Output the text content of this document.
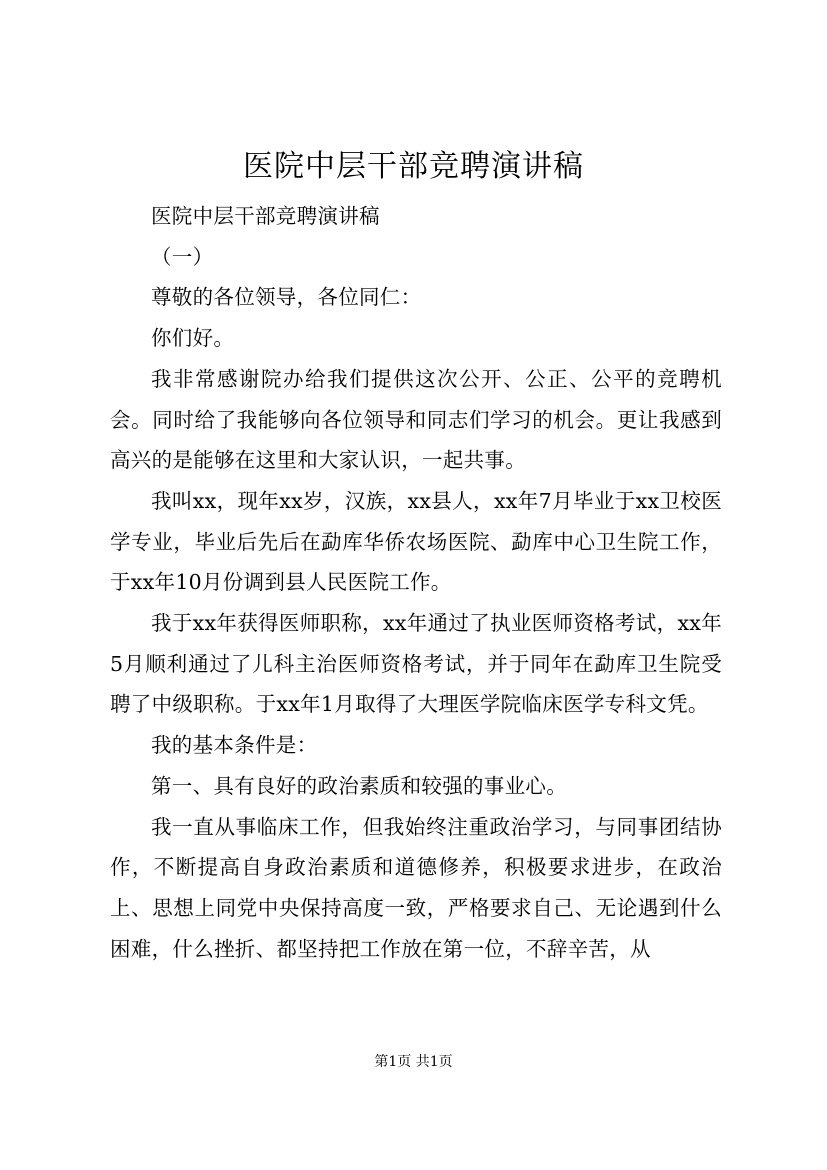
医院中层干部竞聘演讲稿

医院中层干部竞聘演讲稿

（一）

尊敬的各位领导，各位同仁：

你们好。

我非常感谢院办给我们提供这次公开、公正、公平的竞聘机会。同时给了我能够向各位领导和同志们学习的机会。更让我感到高兴的是能够在这里和大家认识，一起共事。

我叫xx，现年xx岁，汉族，xx县人，xx年7月毕业于xx卫校医学专业，毕业后先后在勐库华侨农场医院、勐库中心卫生院工作，于xx年10月份调到县人民医院工作。

我于xx年获得医师职称，xx年通过了执业医师资格考试，xx年5月顺利通过了儿科主治医师资格考试，并于同年在勐库卫生院受聘了中级职称。于xx年1月取得了大理医学院临床医学专科文凭。

我的基本条件是：

第一、具有良好的政治素质和较强的事业心。

我一直从事临床工作，但我始终注重政治学习，与同事团结协作，不断提高自身政治素质和道德修养，积极要求进步，在政治上、思想上同党中央保持高度一致，严格要求自己、无论遇到什么困难，什么挫折、都坚持把工作放在第一位，不辞辛苦，从

第1页 共1页
